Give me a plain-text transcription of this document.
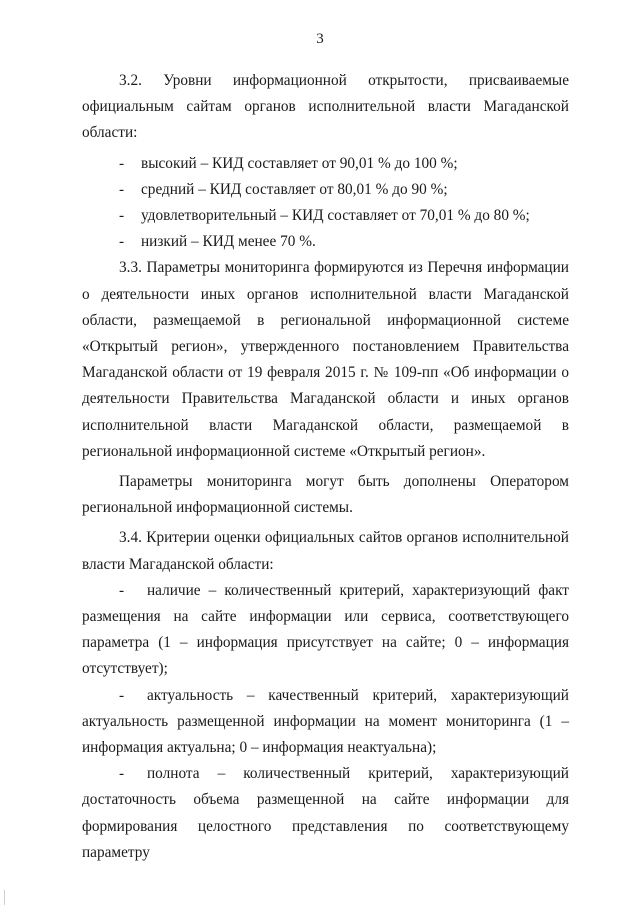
3

3.2. Уровни информационной открытости, присваиваемые официальным сайтам органов исполнительной власти Магаданской области:

- высокий – КИД составляет от 90,01 % до 100 %;

- средний – КИД составляет от 80,01 % до 90 %;

- удовлетворительный – КИД составляет от 70,01 % до 80 %;

- низкий – КИД менее 70 %.

3.3. Параметры мониторинга формируются из Перечня информации о деятельности иных органов исполнительной власти Магаданской области, размещаемой в региональной информационной системе «Открытый регион», утвержденного постановлением Правительства Магаданской области от 19 февраля 2015 г. № 109-пп «Об информации о деятельности Правительства Магаданской области и иных органов исполнительной власти Магаданской области, размещаемой в региональной информационной системе «Открытый регион».

Параметры мониторинга могут быть дополнены Оператором региональной информационной системы.

3.4. Критерии оценки официальных сайтов органов исполнительной власти Магаданской области:

- наличие – количественный критерий, характеризующий факт размещения на сайте информации или сервиса, соответствующего параметра (1 – информация присутствует на сайте; 0 – информация отсутствует);

- актуальность – качественный критерий, характеризующий актуальность размещенной информации на момент мониторинга (1 – информация актуальна; 0 – информация неактуальна);

- полнота – количественный критерий, характеризующий достаточность объема размещенной на сайте информации для формирования целостного представления по соответствующему параметру
